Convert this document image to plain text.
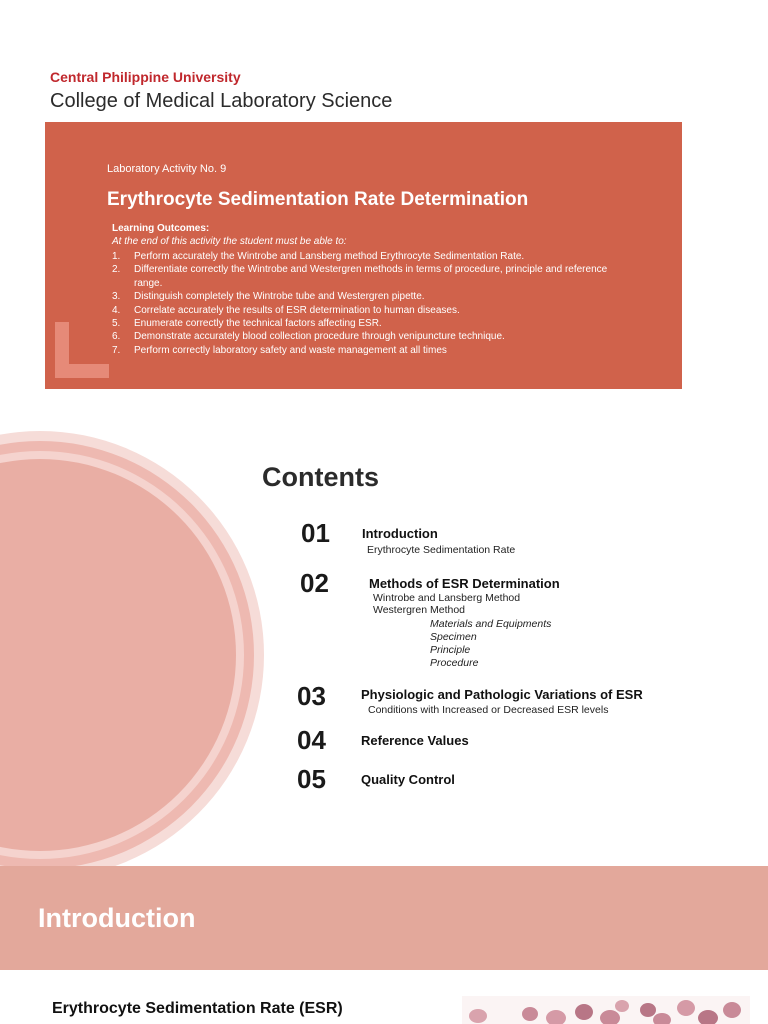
Central Philippine University
College of Medical Laboratory Science
Laboratory Activity No. 9
Erythrocyte Sedimentation Rate Determination
Learning Outcomes:
At the end of this activity the student must be able to:
1. Perform accurately the Wintrobe and Lansberg method Erythrocyte Sedimentation Rate.
2. Differentiate correctly the Wintrobe and Westergren methods in terms of procedure, principle and reference range.
3. Distinguish completely the Wintrobe tube and Westergren pipette.
4. Correlate accurately the results of ESR determination to human diseases.
5. Enumerate correctly the technical factors affecting ESR.
6. Demonstrate accurately blood collection procedure through venipuncture technique.
7. Perform correctly laboratory safety and waste management at all times
Contents
01 Introduction
Erythrocyte Sedimentation Rate
02	Methods of ESR Determination
Wintrobe and Lansberg Method
Westergren Method
Materials and Equipments
Specimen
Principle
Procedure
03	Physiologic and Pathologic Variations of ESR
Conditions with Increased or Decreased ESR levels
04	Reference Values
05	Quality Control
Introduction
Erythrocyte Sedimentation Rate (ESR)
